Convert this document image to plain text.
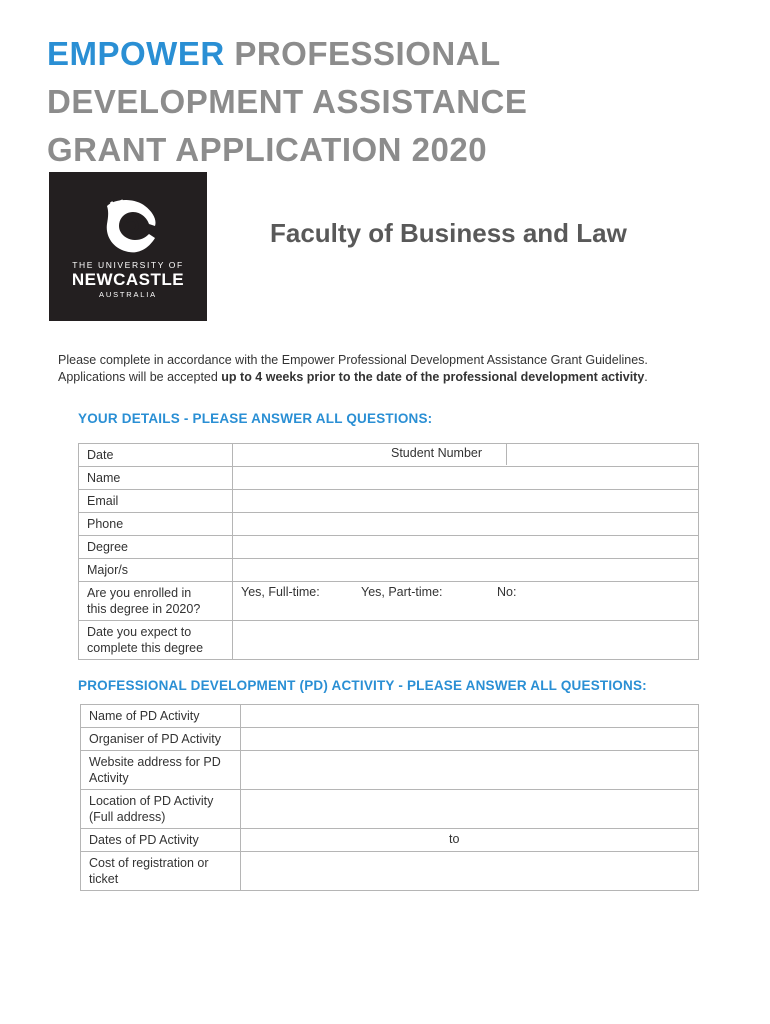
EMPOWER PROFESSIONAL
DEVELOPMENT ASSISTANCE
GRANT APPLICATION 2020
THE UNIVERSITY OF
NEWCASTLE
AUSTRALIA
Faculty of Business and Law
Please complete in accordance with the Empower Professional Development Assistance Grant Guidelines.
Applications will be accepted up to 4 weeks prior to the date of the professional development activity.
YOUR DETAILS - PLEASE ANSWER ALL QUESTIONS:
Date	Student Number

Name	
Email	
Phone	
Degree	
Major/s	

Are you enrolled in
this degree in 2020?	Yes, Full-time: Yes, Part-time: No:

Date you expect to
complete this degree	

PROFESSIONAL DEVELOPMENT (PD) ACTIVITY - PLEASE ANSWER ALL QUESTIONS:
Name of PD Activity	
Organiser of PD Activity	

Website address for PD
Activity	

Location of PD Activity
(Full address)	

Dates of PD Activity	to

Cost of registration or
ticket	
